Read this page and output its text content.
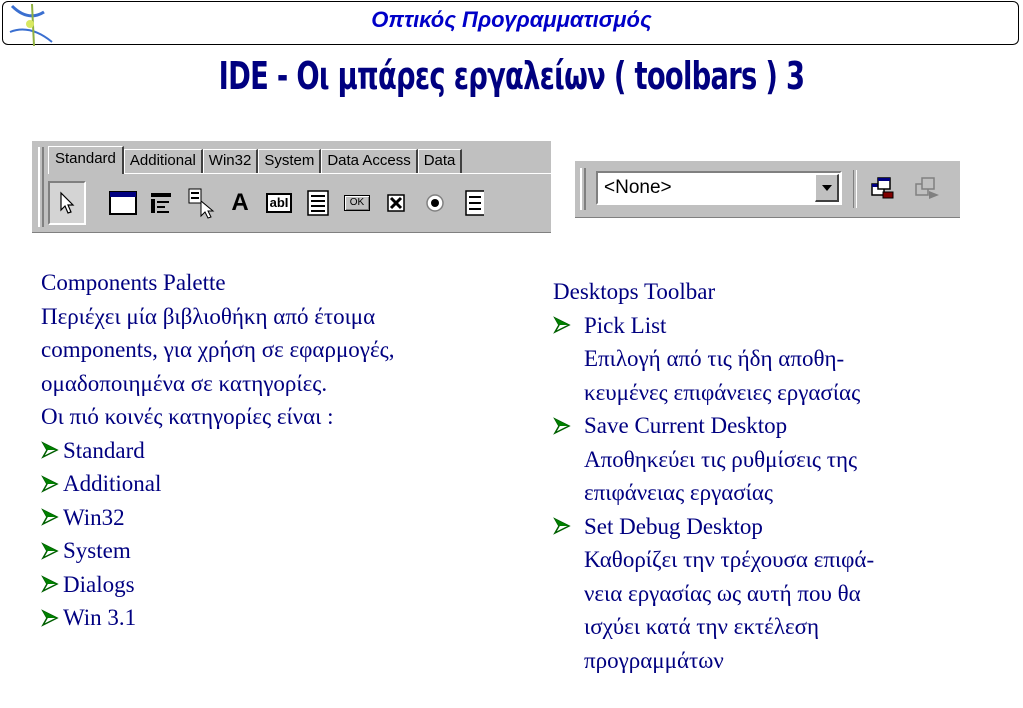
Οπτικός Προγραμματισμός
IDE - Οι μπάρες εργαλείων ( toolbars ) 3
Standard Additional Win32 System Data Access Data
A	abI	OK
<None>
Components Palette
Περιέχει μία βιβλιοθήκη από έτοιμα
components, για χρήση σε εφαρμογές,
ομαδοποιημένα σε κατηγορίες.
Οι πιό κοινές κατηγορίες είναι :
Standard
Additional
Win32
System
Dialogs
Win 3.1
Desktops Toolbar
Pick List
Επιλογή από τις ήδη αποθη-
κευμένες επιφάνειες εργασίας
Save Current Desktop
Αποθηκεύει τις ρυθμίσεις της
επιφάνειας εργασίας
Set Debug Desktop
Καθορίζει την τρέχουσα επιφά-
νεια εργασίας ως αυτή που θα
ισχύει κατά την εκτέλεση
προγραμμάτων
